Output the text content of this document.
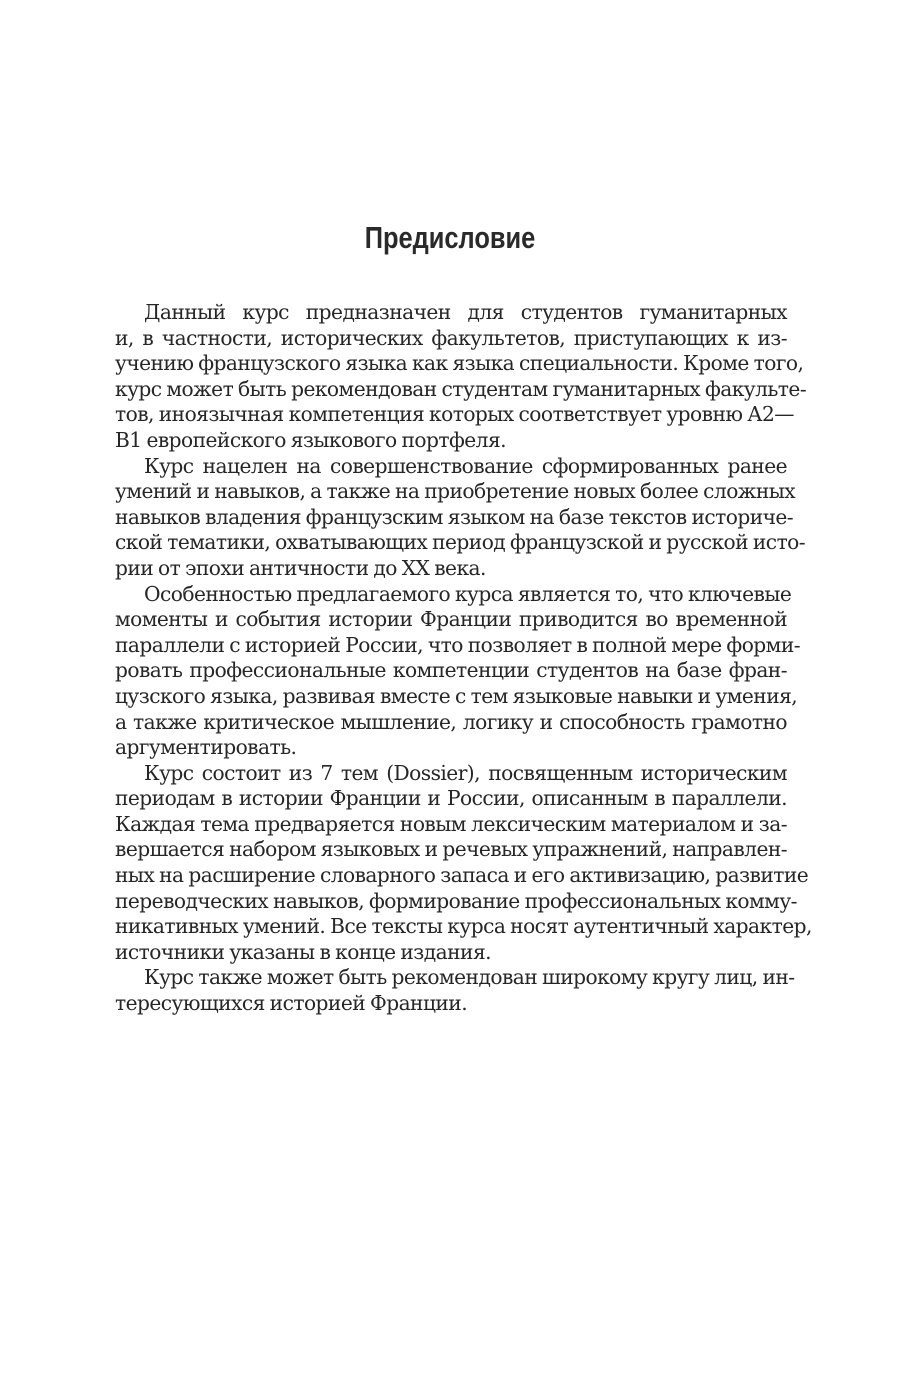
Предисловие

Данный курс предназначен для студентов гуманитарных
и, в частности, исторических факультетов, приступающих к из-
учению французского языка как языка специальности. Кроме того,
курс может быть рекомендован студентам гуманитарных факульте-
тов, иноязычная компетенция которых соответствует уровню А2—
В1 европейского языкового портфеля.

Курс нацелен на совершенствование сформированных ранее
умений и навыков, а также на приобретение новых более сложных
навыков владения французским языком на базе текстов историче-
ской тематики, охватывающих период французской и русской исто-
рии от эпохи античности до ХХ века.

Особенностью предлагаемого курса является то, что ключевые
моменты и события истории Франции приводится во временной
параллели с историей России, что позволяет в полной мере форми-
ровать профессиональные компетенции студентов на базе фран-
цузского языка, развивая вместе с тем языковые навыки и умения,
а также критическое мышление, логику и способность грамотно
аргументировать.

Курс состоит из 7 тем (Dossier), посвященным историческим
периодам в истории Франции и России, описанным в параллели.
Каждая тема предваряется новым лексическим материалом и за-
вершается набором языковых и речевых упражнений, направлен-
ных на расширение словарного запаса и его активизацию, развитие
переводческих навыков, формирование профессиональных комму-
никативных умений. Все тексты курса носят аутентичный характер,
источники указаны в конце издания.

Курс также может быть рекомендован широкому кругу лиц, ин-
тересующихся историей Франции.
